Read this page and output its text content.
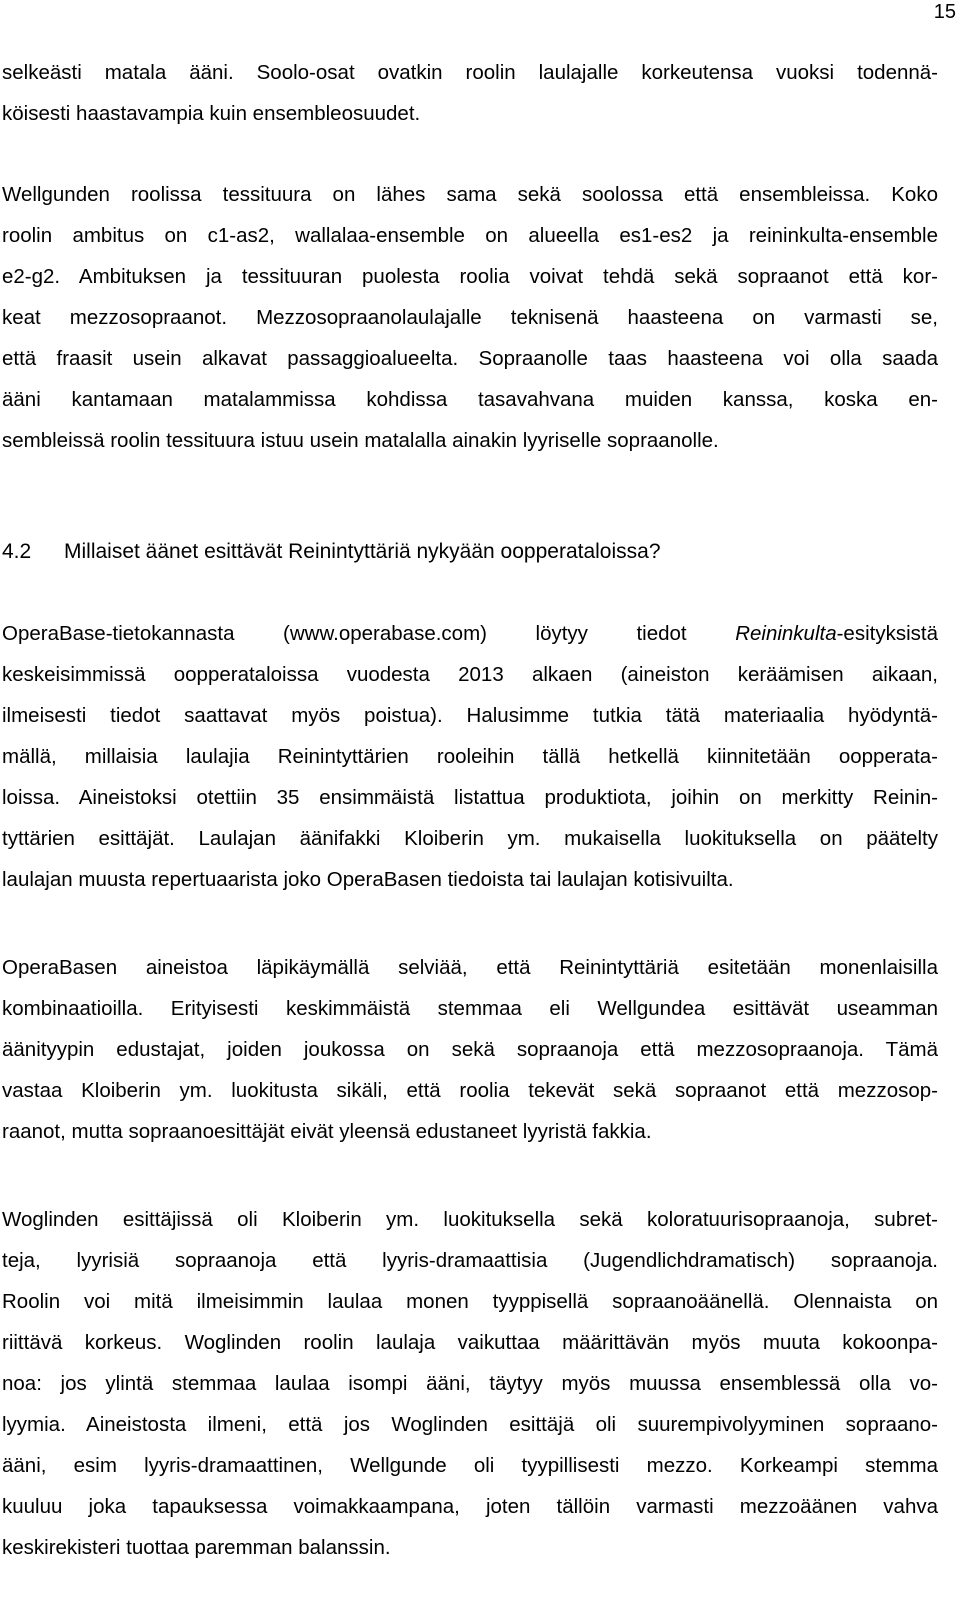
15
selkeästi matala ääni. Soolo-osat ovatkin roolin laulajalle korkeutensa vuoksi todennä-
köisesti haastavampia kuin ensembleosuudet.
Wellgunden roolissa tessituura on lähes sama sekä soolossa että ensembleissa. Koko
roolin ambitus on c1-as2, wallalaa-ensemble on alueella es1-es2 ja reininkulta-ensemble
e2-g2. Ambituksen ja tessituuran puolesta roolia voivat tehdä sekä sopraanot että kor-
keat mezzosopraanot. Mezzosopraanolaulajalle teknisenä haasteena on varmasti se,
että fraasit usein alkavat passaggioalueelta. Sopraanolle taas haasteena voi olla saada
ääni kantamaan matalammissa kohdissa tasavahvana muiden kanssa, koska en-
sembleissä roolin tessituura istuu usein matalalla ainakin lyyriselle sopraanolle.
4.2 Millaiset äänet esittävät Reinintyttäriä nykyään oopperataloissa?
OperaBase-tietokannasta (www.operabase.com) löytyy tiedot Reininkulta-esityksistä
keskeisimmissä oopperataloissa vuodesta 2013 alkaen (aineiston keräämisen aikaan,
ilmeisesti tiedot saattavat myös poistua). Halusimme tutkia tätä materiaalia hyödyntä-
mällä, millaisia laulajia Reinintyttärien rooleihin tällä hetkellä kiinnitetään oopperata-
loissa. Aineistoksi otettiin 35 ensimmäistä listattua produktiota, joihin on merkitty Reinin-
tyttärien esittäjät. Laulajan äänifakki Kloiberin ym. mukaisella luokituksella on päätelty
laulajan muusta repertuaarista joko OperaBasen tiedoista tai laulajan kotisivuilta.
OperaBasen aineistoa läpikäymällä selviää, että Reinintyttäriä esitetään monenlaisilla
kombinaatioilla. Erityisesti keskimmäistä stemmaa eli Wellgundea esittävät useamman
äänityypin edustajat, joiden joukossa on sekä sopraanoja että mezzosopraanoja. Tämä
vastaa Kloiberin ym. luokitusta sikäli, että roolia tekevät sekä sopraanot että mezzosop-
raanot, mutta sopraanoesittäjät eivät yleensä edustaneet lyyristä fakkia.
Woglinden esittäjissä oli Kloiberin ym. luokituksella sekä koloratuurisopraanoja, subret-
teja, lyyrisiä sopraanoja että lyyris-dramaattisia (Jugendlichdramatisch) sopraanoja.
Roolin voi mitä ilmeisimmin laulaa monen tyyppisellä sopraanoäänellä. Olennaista on
riittävä korkeus. Woglinden roolin laulaja vaikuttaa määrittävän myös muuta kokoonpa-
noa: jos ylintä stemmaa laulaa isompi ääni, täytyy myös muussa ensemblessä olla vo-
lyymia. Aineistosta ilmeni, että jos Woglinden esittäjä oli suurempivolyyminen sopraano-
ääni, esim lyyris-dramaattinen, Wellgunde oli tyypillisesti mezzo. Korkeampi stemma
kuuluu joka tapauksessa voimakkaampana, joten tällöin varmasti mezzoäänen vahva
keskirekisteri tuottaa paremman balanssin.
